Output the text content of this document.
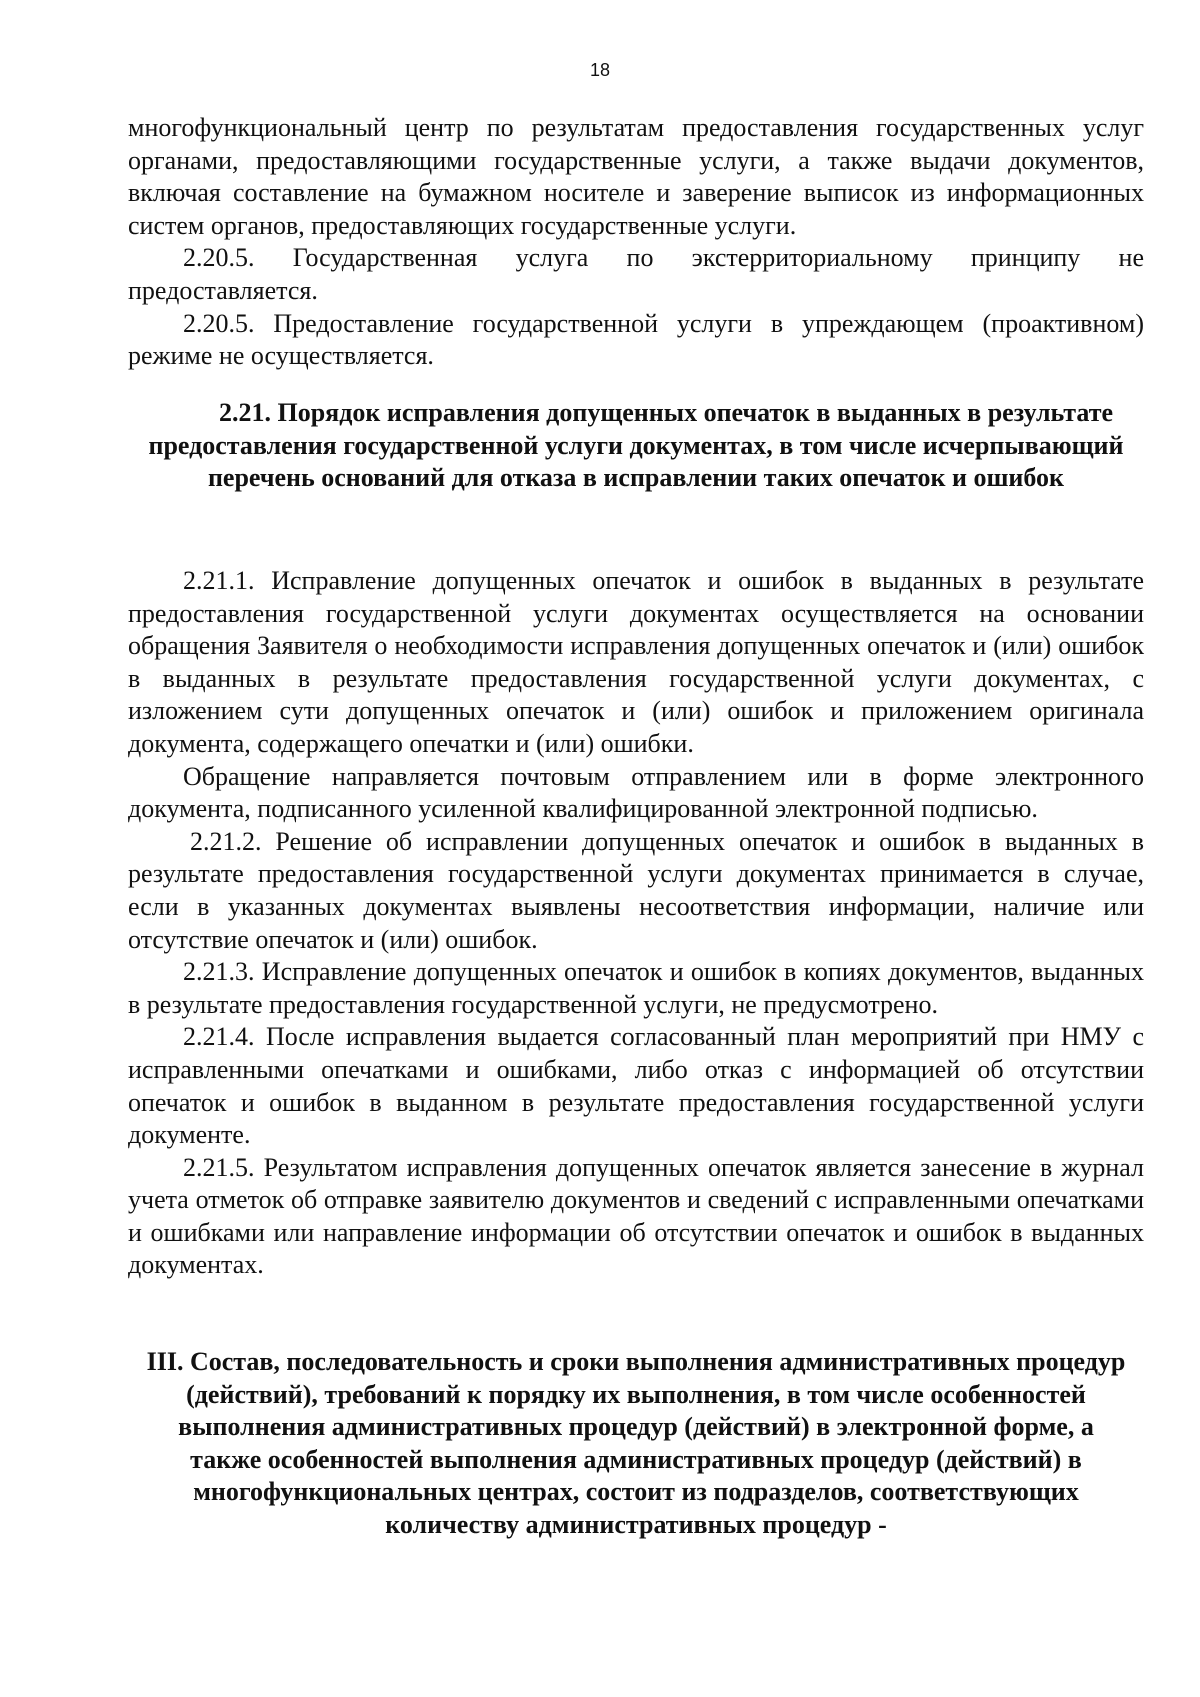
18

многофункциональный центр по результатам предоставления государственных услуг органами, предоставляющими государственные услуги, а также выдачи документов, включая составление на бумажном носителе и заверение выписок из информационных систем органов, предоставляющих государственные услуги.

2.20.5. Государственная услуга по экстерриториальному принципу не предоставляется.

2.20.5. Предоставление государственной услуги в упреждающем (проактивном) режиме не осуществляется.

2.21. Порядок исправления допущенных опечаток в выданных в результате предоставления государственной услуги документах, в том числе исчерпывающий перечень оснований для отказа в исправлении таких опечаток и ошибок

2.21.1. Исправление допущенных опечаток и ошибок в выданных в результате предоставления государственной услуги документах осуществляется на основании обращения Заявителя о необходимости исправления допущенных опечаток и (или) ошибок в выданных в результате предоставления государственной услуги документах, с изложением сути допущенных опечаток и (или) ошибок и приложением оригинала документа, содержащего опечатки и (или) ошибки.

Обращение направляется почтовым отправлением или в форме электронного документа, подписанного усиленной квалифицированной электронной подписью.

2.21.2. Решение об исправлении допущенных опечаток и ошибок в выданных в результате предоставления государственной услуги документах принимается в случае, если в указанных документах выявлены несоответствия информации, наличие или отсутствие опечаток и (или) ошибок.

2.21.3. Исправление допущенных опечаток и ошибок в копиях документов, выданных в результате предоставления государственной услуги, не предусмотрено.

2.21.4. После исправления выдается согласованный план мероприятий при НМУ с исправленными опечатками и ошибками, либо отказ с информацией об отсутствии опечаток и ошибок в выданном в результате предоставления государственной услуги документе.

2.21.5. Результатом исправления допущенных опечаток является занесение в журнал учета отметок об отправке заявителю документов и сведений с исправленными опечатками и ошибками или направление информации об отсутствии опечаток и ошибок в выданных документах.

III. Состав, последовательность и сроки выполнения административных процедур (действий), требований к порядку их выполнения, в том числе особенностей выполнения административных процедур (действий) в электронной форме, а также особенностей выполнения административных процедур (действий) в многофункциональных центрах, состоит из подразделов, соответствующих количеству административных процедур -
